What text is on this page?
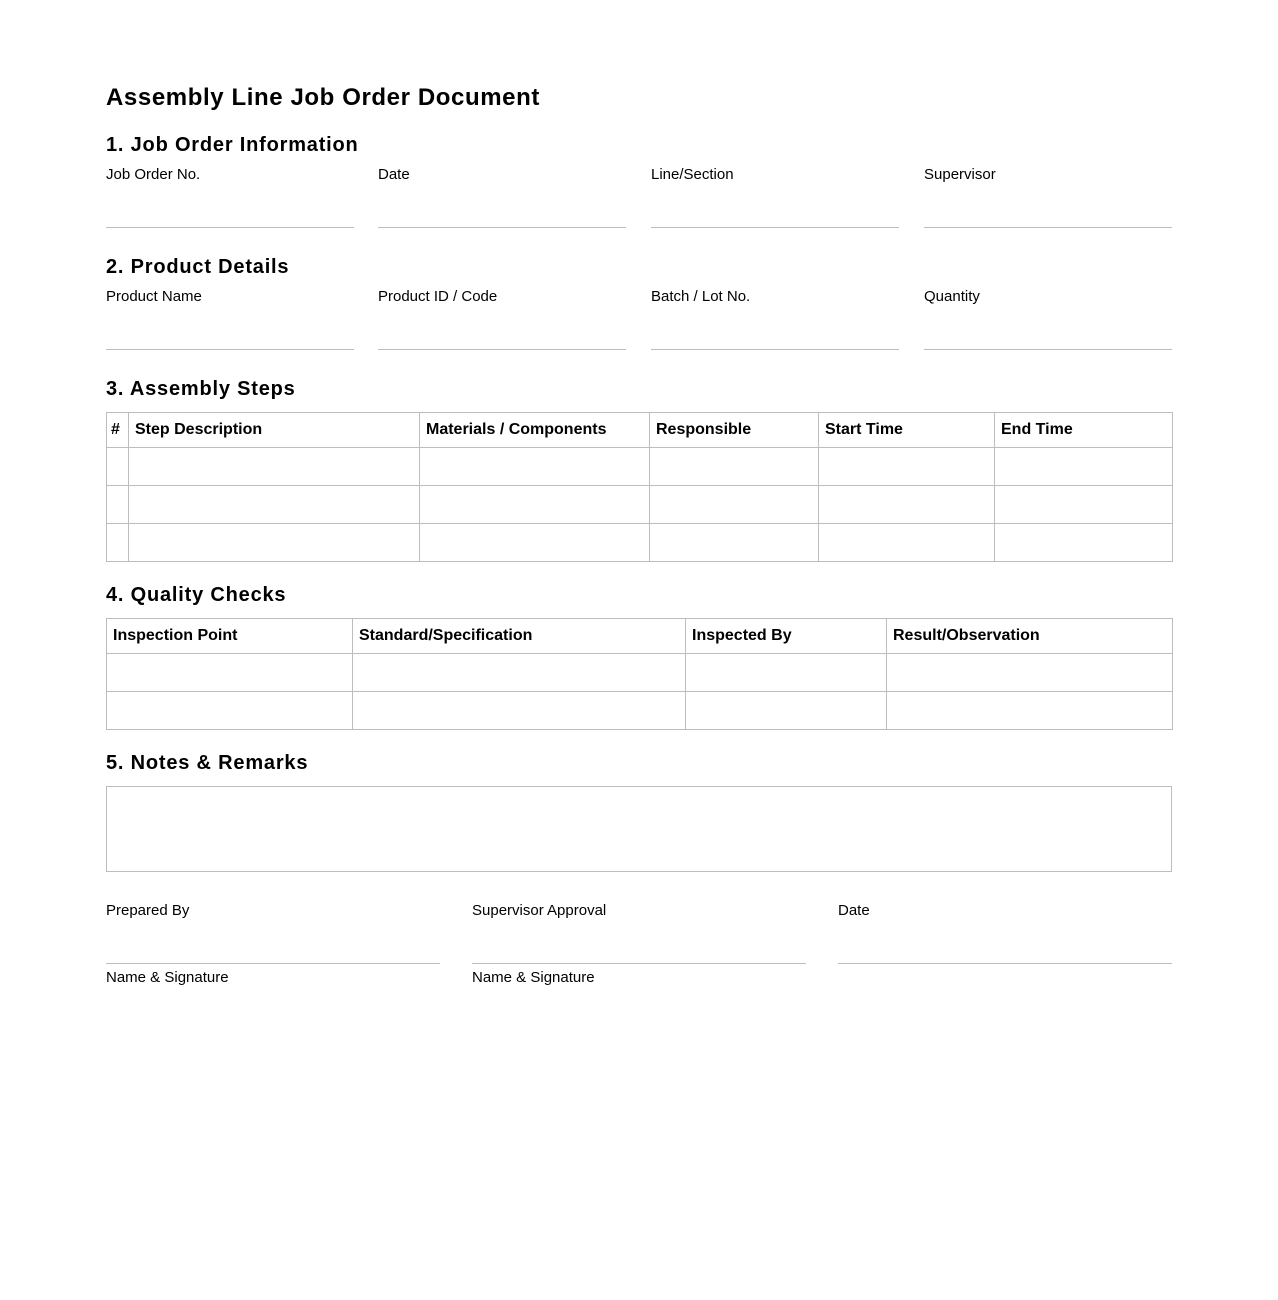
Assembly Line Job Order Document
1. Job Order Information
Job Order No.	Date	Line/Section	Supervisor
2. Product Details
Product Name	Product ID / Code	Batch / Lot No.	Quantity
3. Assembly Steps
#	Step Description	Materials / Components	Responsible	Start Time	End Time

4. Quality Checks
Inspection Point	Standard/Specification	Inspected By	Result/Observation

5. Notes & Remarks
Prepared By
Name & Signature
Supervisor Approval
Name & Signature
Date
